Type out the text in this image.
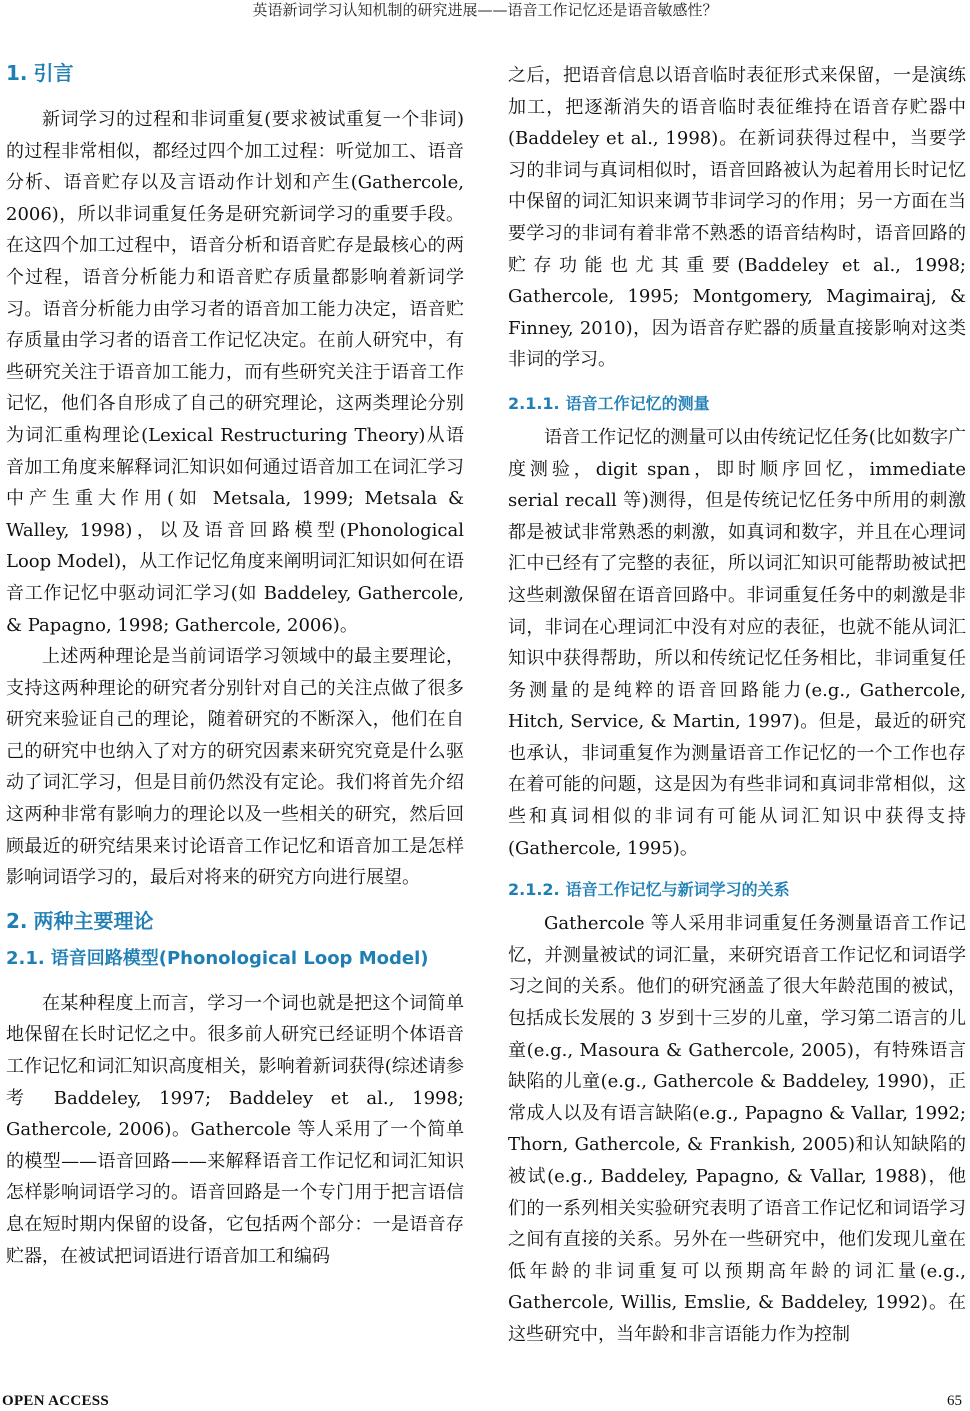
英语新词学习认知机制的研究进展——语音工作记忆还是语音敏感性？
1. 引言

新词学习的过程和非词重复(要求被试重复一个非词)的过程非常相似，都经过四个加工过程：听觉加工、语音分析、语音贮存以及言语动作计划和产生(Gathercole, 2006)，所以非词重复任务是研究新词学习的重要手段。在这四个加工过程中，语音分析和语音贮存是最核心的两个过程，语音分析能力和语音贮存质量都影响着新词学习。语音分析能力由学习者的语音加工能力决定，语音贮存质量由学习者的语音工作记忆决定。在前人研究中，有些研究关注于语音加工能力，而有些研究关注于语音工作记忆，他们各自形成了自己的研究理论，这两类理论分别为词汇重构理论(Lexical Restructuring Theory)从语音加工角度来解释词汇知识如何通过语音加工在词汇学习中产生重大作用(如 Metsala, 1999; Metsala & Walley, 1998)，以及语音回路模型(Phonological Loop Model)，从工作记忆角度来阐明词汇知识如何在语音工作记忆中驱动词汇学习(如 Baddeley, Gathercole, & Papagno, 1998; Gathercole, 2006)。

上述两种理论是当前词语学习领域中的最主要理论，支持这两种理论的研究者分别针对自己的关注点做了很多研究来验证自己的理论，随着研究的不断深入，他们在自己的研究中也纳入了对方的研究因素来研究究竟是什么驱动了词汇学习，但是目前仍然没有定论。我们将首先介绍这两种非常有影响力的理论以及一些相关的研究，然后回顾最近的研究结果来讨论语音工作记忆和语音加工是怎样影响词语学习的，最后对将来的研究方向进行展望。

2. 两种主要理论
2.1. 语音回路模型(Phonological Loop Model)

在某种程度上而言，学习一个词也就是把这个词简单地保留在长时记忆之中。很多前人研究已经证明个体语音工作记忆和词汇知识高度相关，影响着新词获得(综述请参考 Baddeley, 1997; Baddeley et al., 1998; Gathercole, 2006)。Gathercole 等人采用了一个简单的模型——语音回路——来解释语音工作记忆和词汇知识怎样影响词语学习的。语音回路是一个专门用于把言语信息在短时期内保留的设备，它包括两个部分：一是语音存贮器，在被试把词语进行语音加工和编码

之后，把语音信息以语音临时表征形式来保留，一是演练加工，把逐渐消失的语音临时表征维持在语音存贮器中(Baddeley et al., 1998)。在新词获得过程中，当要学习的非词与真词相似时，语音回路被认为起着用长时记忆中保留的词汇知识来调节非词学习的作用；另一方面在当要学习的非词有着非常不熟悉的语音结构时，语音回路的贮存功能也尤其重要(Baddeley et al., 1998; Gathercole, 1995; Montgomery, Magimairaj, & Finney, 2010)，因为语音存贮器的质量直接影响对这类非词的学习。

2.1.1. 语音工作记忆的测量

语音工作记忆的测量可以由传统记忆任务(比如数字广度测验，digit span，即时顺序回忆，immediate serial recall 等)测得，但是传统记忆任务中所用的刺激都是被试非常熟悉的刺激，如真词和数字，并且在心理词汇中已经有了完整的表征，所以词汇知识可能帮助被试把这些刺激保留在语音回路中。非词重复任务中的刺激是非词，非词在心理词汇中没有对应的表征，也就不能从词汇知识中获得帮助，所以和传统记忆任务相比，非词重复任务测量的是纯粹的语音回路能力(e.g., Gathercole, Hitch, Service, & Martin, 1997)。但是，最近的研究也承认，非词重复作为测量语音工作记忆的一个工作也存在着可能的问题，这是因为有些非词和真词非常相似，这些和真词相似的非词有可能从词汇知识中获得支持(Gathercole, 1995)。

2.1.2. 语音工作记忆与新词学习的关系

Gathercole 等人采用非词重复任务测量语音工作记忆，并测量被试的词汇量，来研究语音工作记忆和词语学习之间的关系。他们的研究涵盖了很大年龄范围的被试，包括成长发展的 3 岁到十三岁的儿童，学习第二语言的儿童(e.g., Masoura & Gathercole, 2005)，有特殊语言缺陷的儿童(e.g., Gathercole & Baddeley, 1990)，正常成人以及有语言缺陷(e.g., Papagno & Vallar, 1992; Thorn, Gathercole, & Frankish, 2005)和认知缺陷的被试(e.g., Baddeley, Papagno, & Vallar, 1988)，他们的一系列相关实验研究表明了语音工作记忆和词语学习之间有直接的关系。另外在一些研究中，他们发现儿童在低年龄的非词重复可以预期高年龄的词汇量(e.g., Gathercole, Willis, Emslie, & Baddeley, 1992)。在这些研究中，当年龄和非言语能力作为控制

OPEN ACCESS	65
